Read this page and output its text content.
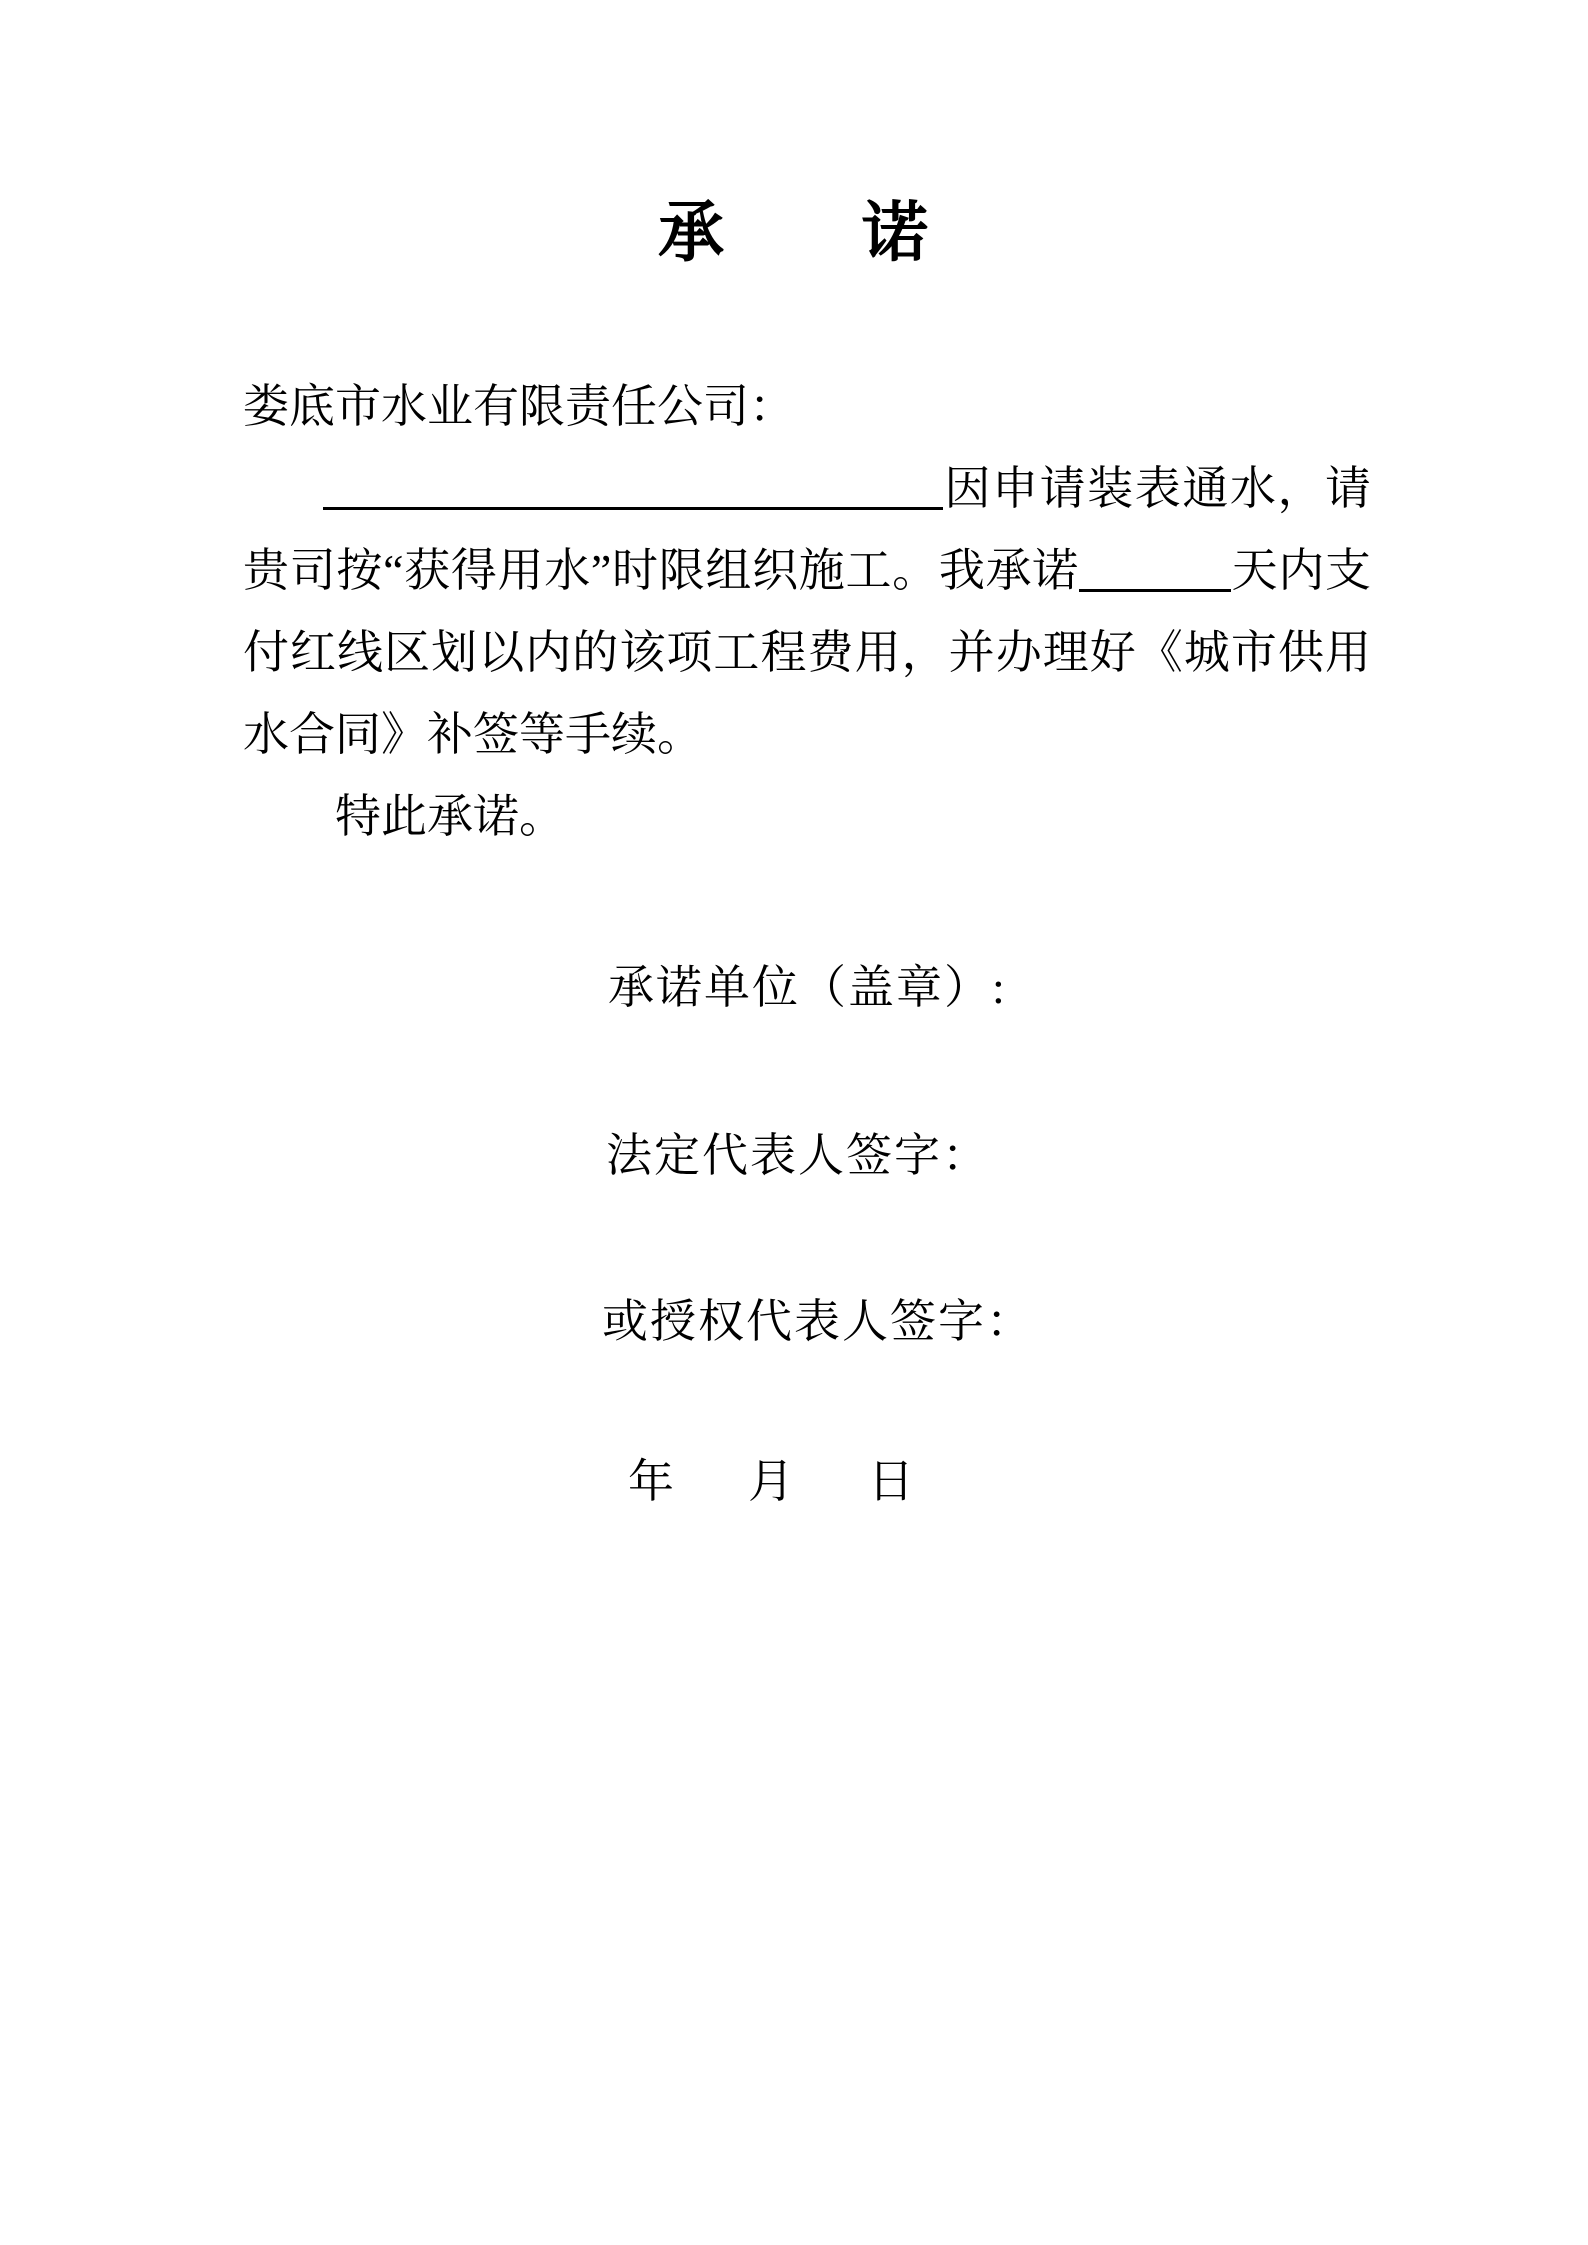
承　　诺

娄底市水业有限责任公司：

因申请装表通水，请贵司按“获得用水”时限组织施工。我承诺	天内支付红线区划以内的该项工程费用，并办理好《城市供用水合同》补签等手续。

特此承诺。

承诺单位（盖章）:

法定代表人签字：

或授权代表人签字：

年　月　日
